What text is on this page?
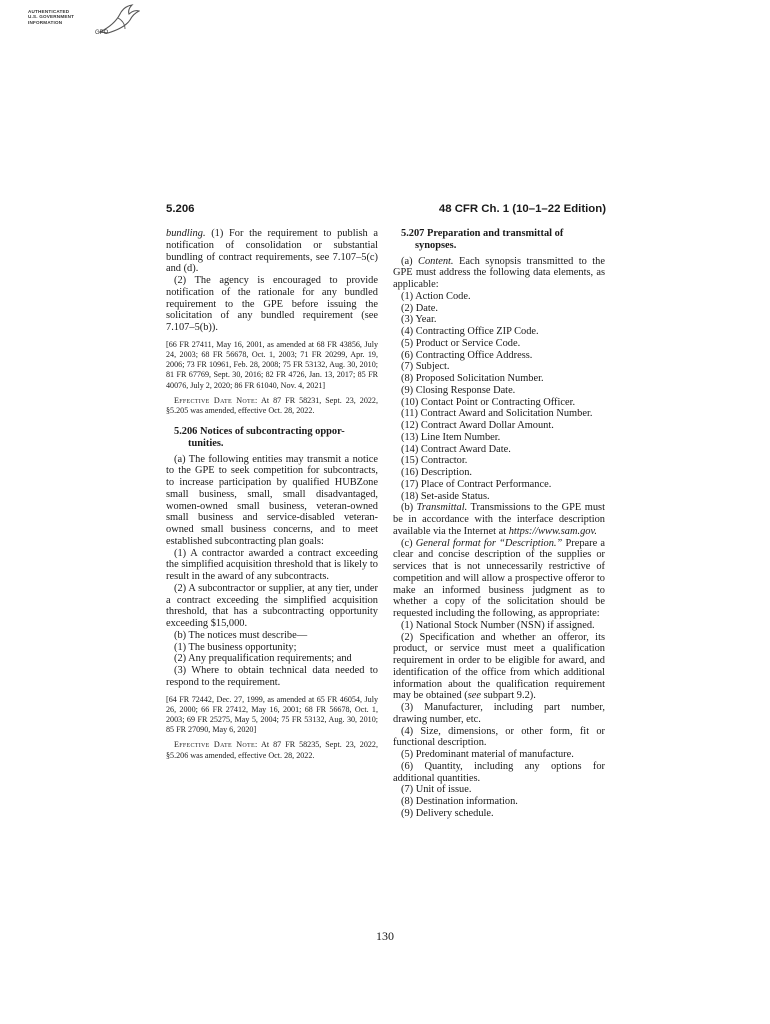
AUTHENTICATED
U.S. GOVERNMENT
INFORMATION
GPO
5.206	48 CFR Ch. 1 (10–1–22 Edition)

bundling. (1) For the requirement to publish a notification of consolidation or substantial bundling of contract requirements, see 7.107–5(c) and (d).

(2) The agency is encouraged to provide notification of the rationale for any bundled requirement to the GPE before issuing the solicitation of any bundled requirement (see 7.107–5(b)).

[66 FR 27411, May 16, 2001, as amended at 68 FR 43856, July 24, 2003; 68 FR 56678, Oct. 1, 2003; 71 FR 20299, Apr. 19, 2006; 73 FR 10961, Feb. 28, 2008; 75 FR 53132, Aug. 30, 2010; 81 FR 67769, Sept. 30, 2016; 82 FR 4726, Jan. 13, 2017; 85 FR 40076, July 2, 2020; 86 FR 61040, Nov. 4, 2021]

Effective Date Note: At 87 FR 58231, Sept. 23, 2022, §5.205 was amended, effective Oct. 28, 2022.

5.206 Notices of subcontracting oppor-
tunities.

(a) The following entities may transmit a notice to the GPE to seek competition for subcontracts, to increase participation by qualified HUBZone small business, small, small disadvantaged, women-owned small business, veteran-owned small business and service-disabled veteran-owned small business concerns, and to meet established subcontracting plan goals:

(1) A contractor awarded a contract exceeding the simplified acquisition threshold that is likely to result in the award of any subcontracts.

(2) A subcontractor or supplier, at any tier, under a contract exceeding the simplified acquisition threshold, that has a subcontracting opportunity exceeding $15,000.

(b) The notices must describe—

(1) The business opportunity;

(2) Any prequalification requirements; and

(3) Where to obtain technical data needed to respond to the requirement.

[64 FR 72442, Dec. 27, 1999, as amended at 65 FR 46054, July 26, 2000; 66 FR 27412, May 16, 2001; 68 FR 56678, Oct. 1, 2003; 69 FR 25275, May 5, 2004; 75 FR 53132, Aug. 30, 2010; 85 FR 27090, May 6, 2020]

Effective Date Note: At 87 FR 58235, Sept. 23, 2022, §5.206 was amended, effective Oct. 28, 2022.

5.207 Preparation and transmittal of
synopses.

(a) Content. Each synopsis transmitted to the GPE must address the following data elements, as applicable:

(1) Action Code.

(2) Date.

(3) Year.

(4) Contracting Office ZIP Code.

(5) Product or Service Code.

(6) Contracting Office Address.

(7) Subject.

(8) Proposed Solicitation Number.

(9) Closing Response Date.

(10) Contact Point or Contracting Officer.

(11) Contract Award and Solicitation Number.

(12) Contract Award Dollar Amount.

(13) Line Item Number.

(14) Contract Award Date.

(15) Contractor.

(16) Description.

(17) Place of Contract Performance.

(18) Set-aside Status.

(b) Transmittal. Transmissions to the GPE must be in accordance with the interface description available via the Internet at https://www.sam.gov.

(c) General format for “Description.” Prepare a clear and concise description of the supplies or services that is not unnecessarily restrictive of competition and will allow a prospective offeror to make an informed business judgment as to whether a copy of the solicitation should be requested including the following, as appropriate:

(1) National Stock Number (NSN) if assigned.

(2) Specification and whether an offeror, its product, or service must meet a qualification requirement in order to be eligible for award, and identification of the office from which additional information about the qualification requirement may be obtained (see subpart 9.2).

(3) Manufacturer, including part number, drawing number, etc.

(4) Size, dimensions, or other form, fit or functional description.

(5) Predominant material of manufacture.

(6) Quantity, including any options for additional quantities.

(7) Unit of issue.

(8) Destination information.

(9) Delivery schedule.

130
